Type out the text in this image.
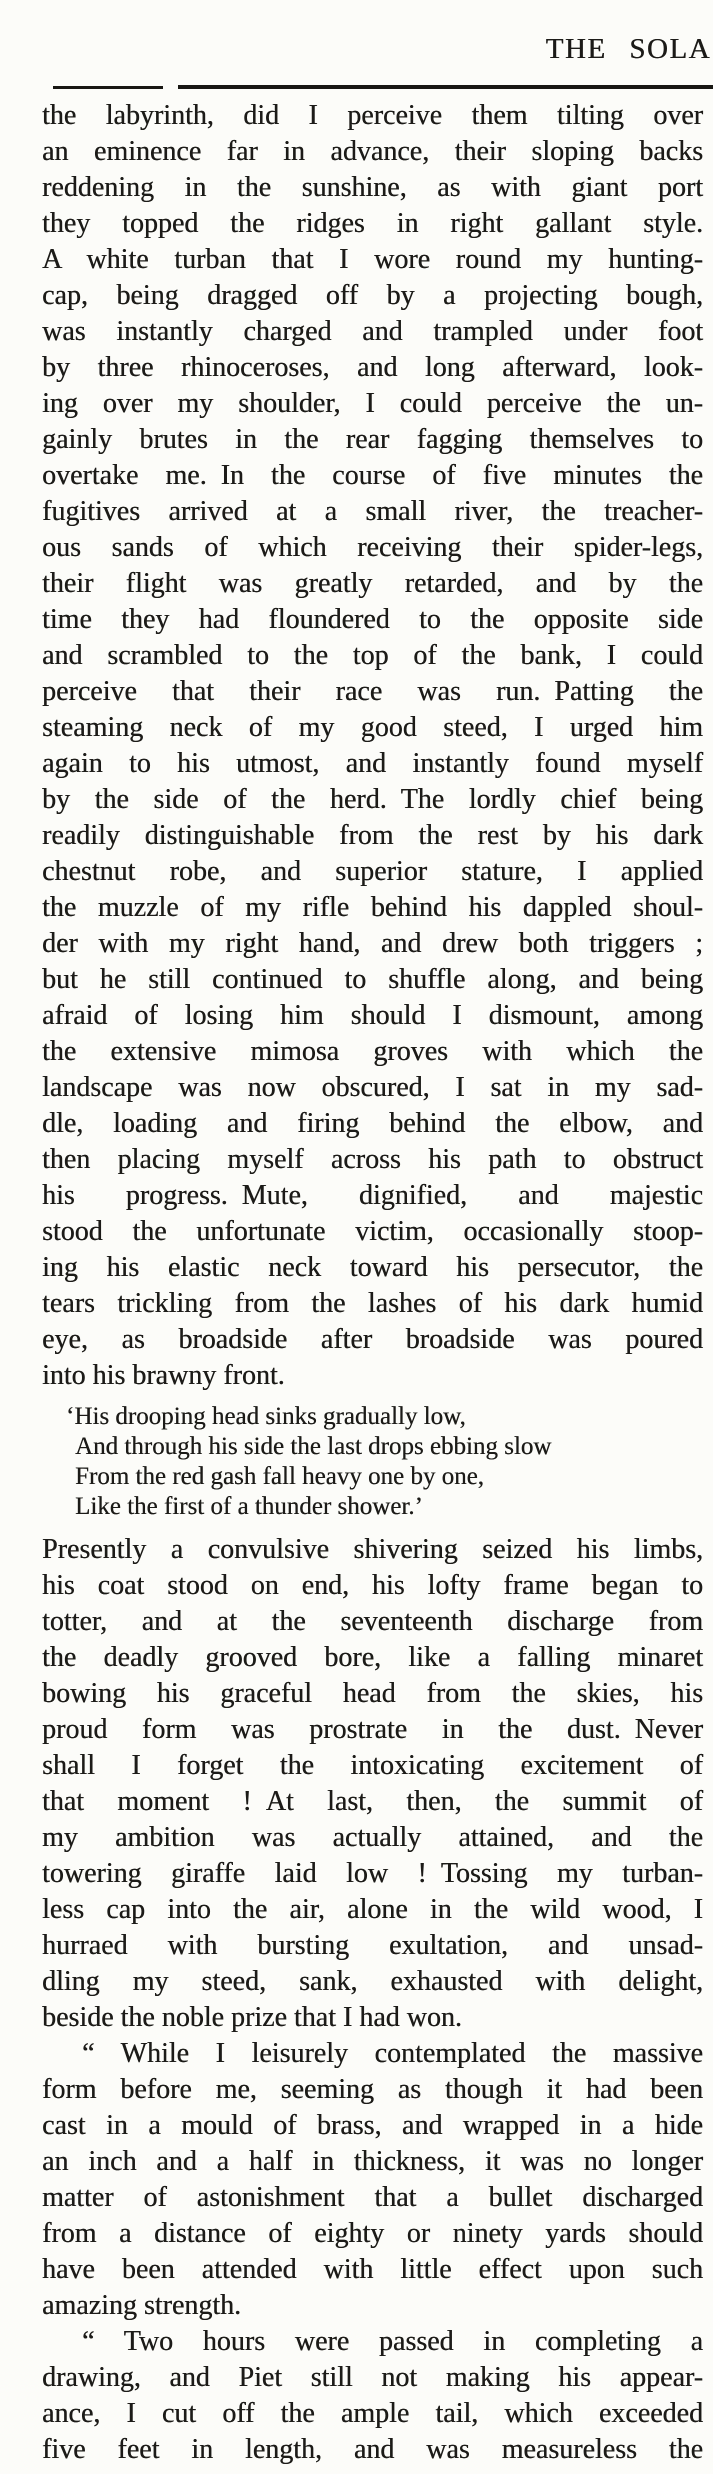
THE SOLA
the labyrinth, did I perceive them tilting over
an eminence far in advance, their sloping backs
reddening in the sunshine, as with giant port
they topped the ridges in right gallant style.
A white turban that I wore round my hunting-
cap, being dragged off by a projecting bough,
was instantly charged and trampled under foot
by three rhinoceroses, and long afterward, look-
ing over my shoulder, I could perceive the un-
gainly brutes in the rear fagging themselves to
overtake me. In the course of five minutes the
fugitives arrived at a small river, the treacher-
ous sands of which receiving their spider-legs,
their flight was greatly retarded, and by the
time they had floundered to the opposite side
and scrambled to the top of the bank, I could
perceive that their race was run. Patting the
steaming neck of my good steed, I urged him
again to his utmost, and instantly found myself
by the side of the herd. The lordly chief being
readily distinguishable from the rest by his dark
chestnut robe, and superior stature, I applied
the muzzle of my rifle behind his dappled shoul-
der with my right hand, and drew both triggers ;
but he still continued to shuffle along, and being
afraid of losing him should I dismount, among
the extensive mimosa groves with which the
landscape was now obscured, I sat in my sad-
dle, loading and firing behind the elbow, and
then placing myself across his path to obstruct
his progress. Mute, dignified, and majestic
stood the unfortunate victim, occasionally stoop-
ing his elastic neck toward his persecutor, the
tears trickling from the lashes of his dark humid
eye, as broadside after broadside was poured
into his brawny front.
‘His drooping head sinks gradually low,
And through his side the last drops ebbing slow
From the red gash fall heavy one by one,
Like the first of a thunder shower.’
Presently a convulsive shivering seized his limbs,
his coat stood on end, his lofty frame began to
totter, and at the seventeenth discharge from
the deadly grooved bore, like a falling minaret
bowing his graceful head from the skies, his
proud form was prostrate in the dust. Never
shall I forget the intoxicating excitement of
that moment ! At last, then, the summit of
my ambition was actually attained, and the
towering giraffe laid low ! Tossing my turban-
less cap into the air, alone in the wild wood, I
hurraed with bursting exultation, and unsad-
dling my steed, sank, exhausted with delight,
beside the noble prize that I had won.
“ While I leisurely contemplated the massive
form before me, seeming as though it had been
cast in a mould of brass, and wrapped in a hide
an inch and a half in thickness, it was no longer
matter of astonishment that a bullet discharged
from a distance of eighty or ninety yards should
have been attended with little effect upon such
amazing strength.
“ Two hours were passed in completing a
drawing, and Piet still not making his appear-
ance, I cut off the ample tail, which exceeded
five feet in length, and was measureless the
